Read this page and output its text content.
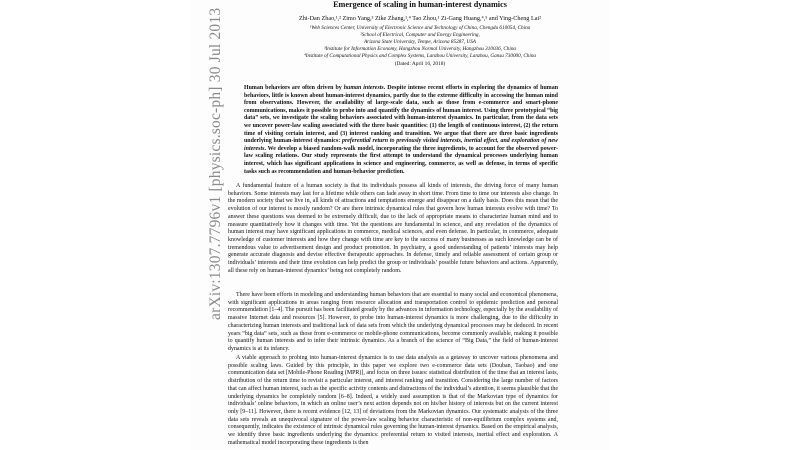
arXiv:1307.7796v1 [physics.soc-ph] 30 Jul 2013
Emergence of scaling in human-interest dynamics
Zhi-Dan Zhao,¹,² Zimo Yang,³ Zike Zhang,¹,⁴ Tao Zhou,¹ Zi-Gang Huang,⁴,⁵ and Ying-Cheng Lai²
¹Web Sciences Center, University of Electronic Science and Technology of China, Chengdu 610054, China
²School of Electrical, Computer and Energy Engineering,
Arizona State University, Tempe, Arizona 85287, USA
³Institute for Information Economy, Hangzhou Normal University, Hangzhou 310036, China
⁴Institute of Computational Physics and Complex Systems, Lanzhou University, Lanzhou, Gansu 730000, China
(Dated: April 16, 2018)
Human behaviors are often driven by human interests. Despite intense recent efforts in exploring the dynamics of human behaviors, little is known about human-interest dynamics, partly due to the extreme difficulty in accessing the human mind from observations. However, the availability of large-scale data, such as those from e-commerce and smart-phone communications, makes it possible to probe into and quantify the dynamics of human interest. Using three prototypical “big data” sets, we investigate the scaling behaviors associated with human-interest dynamics. In particular, from the data sets we uncover power-law scaling associated with the three basic quantities: (1) the length of continuous interest, (2) the return time of visiting certain interest, and (3) interest ranking and transition. We argue that there are three basic ingredients underlying human-interest dynamics: preferential return to previously visited interests, inertial effect, and exploration of new interests. We develop a biased random-walk model, incorporating the three ingredients, to account for the observed power-law scaling relations. Our study represents the first attempt to understand the dynamical processes underlying human interest, which has significant applications in science and engineering, commerce, as well as defense, in terms of specific tasks such as recommendation and human-behavior prediction.

A fundamental feature of a human society is that its individuals possess all kinds of interests, the driving force of many human behaviors. Some interests may last for a lifetime while others can fade away in short time. From time to time our interests also change. In the modern society that we live in, all kinds of attractions and temptations emerge and disappear on a daily basis. Does this mean that the evolution of our interest is mostly random? Or are there intrinsic dynamical rules that govern how human interests evolve with time? To answer these questions was deemed to be extremely difficult, due to the lack of appropriate means to characterize human mind and to measure quantitatively how it changes with time. Yet the questions are fundamental in science, and any revelation of the dynamics of human interest may have significant applications in commerce, medical sciences, and even defense. In particular, in commerce, adequate knowledge of customer interests and how they change with time are key to the success of many businesses as such knowledge can be of tremendous value to advertisement design and product promotion. In psychiatry, a good understanding of patients’ interests may help generate accurate diagnosis and devise effective therapeutic approaches. In defense, timely and reliable assessment of certain group or individuals’ interests and their time evolution can help predict the group or individuals’ possible future behaviors and actions. Apparently, all these rely on human-interest dynamics’ being not completely random.

There have been efforts in modeling and understanding human behaviors that are essential to many social and economical phenomena, with significant applications in areas ranging from resource allocation and transportation control to epidemic prediction and personal recommendation [1–4]. The pursuit has been facilitated greatly by the advances in information technology, especially by the availability of massive Internet data and resources [5]. However, to probe into human-interest dynamics is more challenging, due to the difficulty in characterizing human interests and traditional lack of data sets from which the underlying dynamical processes may be deduced. In recent years “big data” sets, such as those from e-commerce or mobile-phone communications, become commonly available, making it possible to quantify human interests and to infer their intrinsic dynamics. As a branch of the science of “Big Data,” the field of human-interest dynamics is at its infancy.

A viable approach to probing into human-interest dynamics is to use data analysis as a getaway to uncover various phenomena and possible scaling laws. Guided by this principle, in this paper we explore two e-commerce data sets (Douban, Taobao) and one communication data set [Mobile-Phone Reading (MPR)], and focus on three issues: statistical distribution of the time that an interest lasts, distribution of the return time to revisit a particular interest, and interest ranking and transition. Considering the large number of factors that can affect human interest, such as the specific activity contents and distractions of the individual’s attention, it seems plausible that the underlying dynamics be completely random [6–8]. Indeed, a widely used assumption is that of the Markovian type of dynamics for individuals’ online behaviors, in which an online user’s next action depends not on his/her history of interests but on the current interest only [9–11]. However, there is recent evidence [12, 13] of deviations from the Markovian dynamics. Our systematic analysis of the three data sets reveals an unequivocal signature of the power-law scaling behavior characteristic of non-equilibrium complex systems and, consequently, indicates the existence of intrinsic dynamical rules governing the human-interest dynamics. Based on the empirical analysis, we identify three basic ingredients underlying the dynamics: preferential return to visited interests, inertial effect and exploration. A mathematical model incorporating these ingredients is then
